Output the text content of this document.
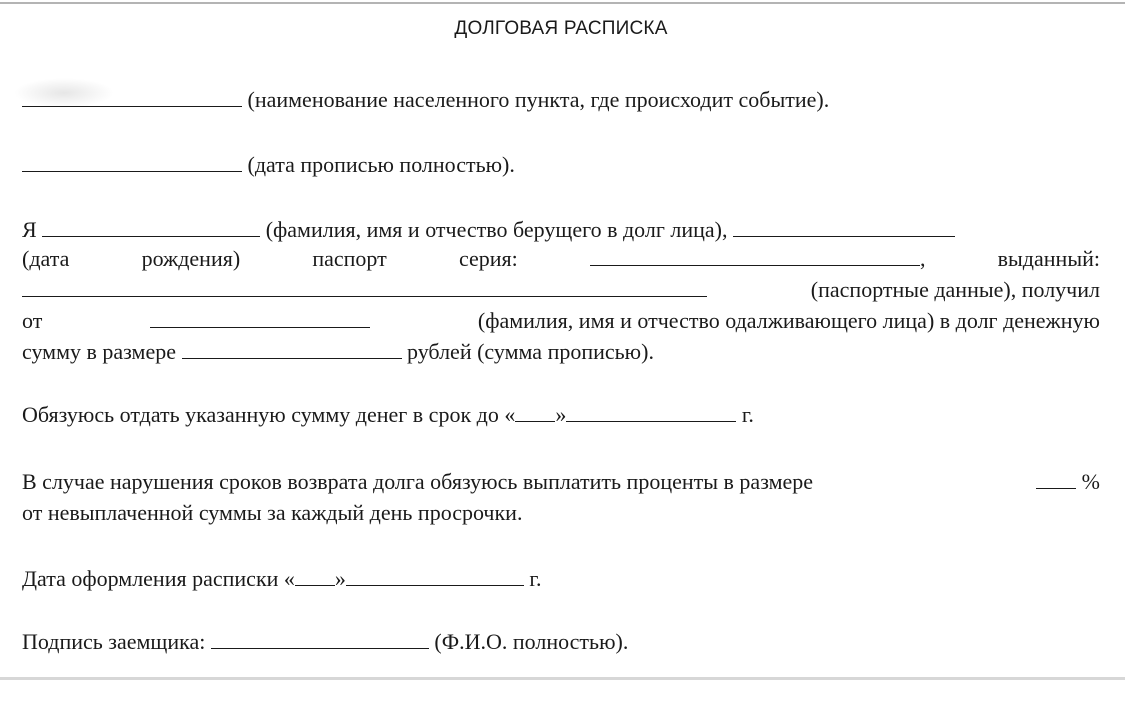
ДОЛГОВАЯ РАСПИСКА
(наименование населенного пункта, где происходит событие).
(дата прописью полностью).
Я	(фамилия, имя и отчество берущего в долг лица),
(дата	рождения)	паспорт	серия:	,	выданный:
(паспортные данные), получил
от	(фамилия, имя и отчество одалживающего лица) в долг денежную
сумму в размере	рублей (сумма прописью).
Обязуюсь отдать указанную сумму денег в срок до « »	г.
В случае нарушения сроков возврата долга обязуюсь выплатить проценты в размере	%
от невыплаченной суммы за каждый день просрочки.
Дата оформления расписки « »	г.
Подпись заемщика:	(Ф.И.О. полностью).
